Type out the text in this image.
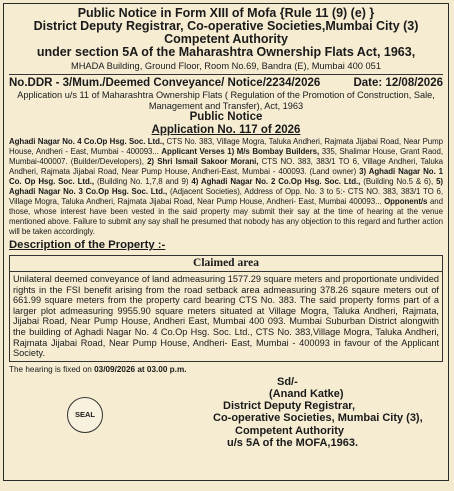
Public Notice in Form XIII of Mofa {Rule 11 (9) (e) }
District Deputy Registrar, Co-operative Societies,Mumbai City (3)
Competent Authority
under section 5A of the Maharashtra Ownership Flats Act, 1963,
MHADA Building, Ground Floor, Room No.69, Bandra (E), Mumbai 400 051
No.DDR - 3/Mum./Deemed Conveyance/ Notice/2234/2026	Date: 12/08/2026
Application u/s 11 of Maharashtra Ownership Flats ( Regulation of the Promotion of Construction, Sale, Management and Transfer), Act, 1963
Public Notice
Application No. 117 of 2026
Aghadi Nagar No. 4 Co.Op Hsg. Soc. Ltd., CTS No. 383, Village Mogra, Taluka Andheri, Rajmata Jijabai Road, Near Pump House, Andheri - East, Mumbai - 400093... Applicant Verses 1) M/s Bombay Builders, 335, Shalimar House, Grant Raod, Mumbai-400007. (Builder/Developers), 2) Shri Ismail Sakoor Morani, CTS NO. 383, 383/1 TO 6, Village Andheri, Taluka Andheri, Rajmata Jijabai Road, Near Pump House, Andheri-East, Mumbai - 400093. (Land owner) 3) Aghadi Nagar No. 1 Co. Op Hsg. Soc. Ltd., (Building No. 1,7,8 and 9) 4) Aghadi Nagar No. 2 Co.Op Hsg. Soc. Ltd., (Building No.5 & 6), 5) Aghadi Nagar No. 3 Co.Op Hsg. Soc. Ltd., (Adjacent Societies), Address of Opp. No. 3 to 5:- CTS NO. 383, 383/1 TO 6, Village Mogra, Taluka Andheri, Rajmata Jijabai Road, Near Pump House, Andheri- East, Mumbai 400093... Opponent/s and those, whose interest have been vested in the said property may submit their say at the time of hearing at the venue mentioned above. Failure to submit any say shall he presumed that nobody has any objection to this regard and further action will be taken accordingly.
Description of the Property :-
Claimed area
Unilateral deemed conveyance of land admeasuring 1577.29 square meters and proportionate undivided rights in the FSI benefit arising from the road setback area admeasuring 378.26 sqaure meters out of 661.99 square meters from the property card bearing CTS No. 383. The said property forms part of a larger plot admeasuring 9955.90 square meters situated at Village Mogra, Taluka Andheri, Rajmata, Jijabai Road, Near Pump House, Andheri East, Mumbai 400 093. Mumbai Suburban District alongwith the building of Aghadi Nagar No. 4 Co.Op Hsg. Soc. Ltd., CTS No. 383,Village Mogra, Taluka Andheri, Rajmata Jijabai Road, Near Pump House, Andheri- East, Mumbai - 400093 in favour of the Applicant Society.
The hearing is fixed on 03/09/2026 at 03.00 p.m.
SEAL
Sd/-
(Anand Katke)
District Deputy Registrar,
Co-operative Societies, Mumbai City (3),
Competent Authority
u/s 5A of the MOFA,1963.
